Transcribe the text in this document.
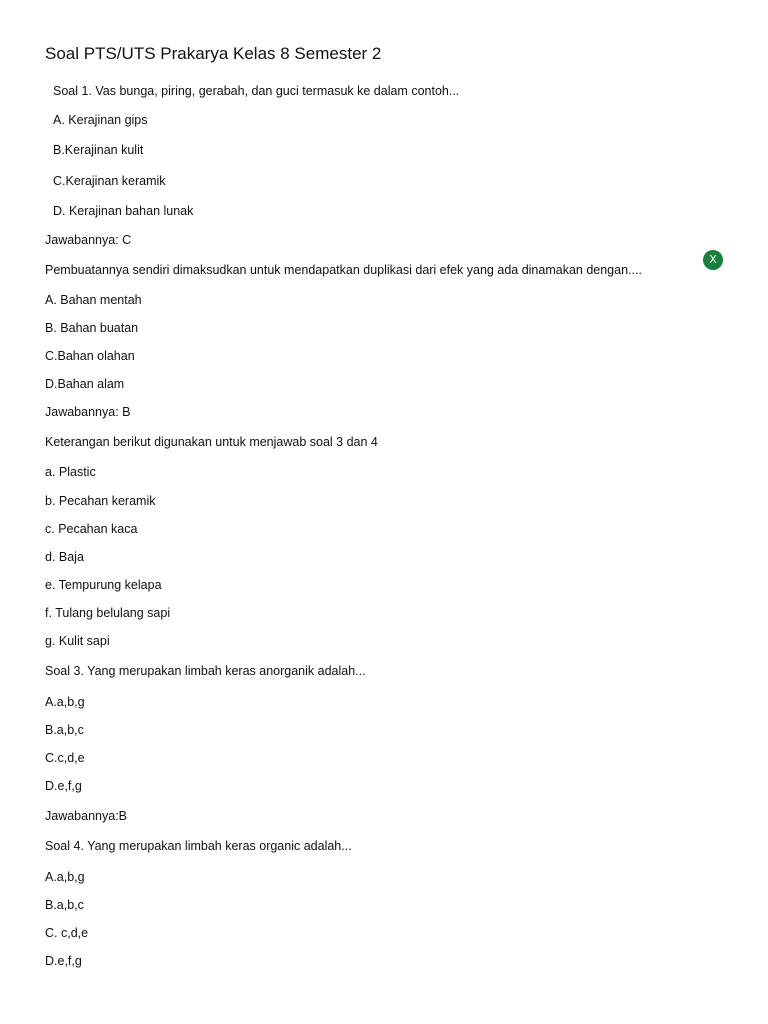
Soal PTS/UTS Prakarya Kelas 8 Semester 2

Soal 1. Vas bunga, piring, gerabah, dan guci termasuk ke dalam contoh...

A. Kerajinan gips

B.Kerajinan kulit

C.Kerajinan keramik

D. Kerajinan bahan lunak

Jawabannya: C

Pembuatannya sendiri dimaksudkan untuk mendapatkan duplikasi dari efek yang ada dinamakan dengan....

A. Bahan mentah

B. Bahan buatan

C.Bahan olahan

D.Bahan alam

Jawabannya: B

Keterangan berikut digunakan untuk menjawab soal 3 dan 4

a. Plastic

b. Pecahan keramik

c. Pecahan kaca

d. Baja

e. Tempurung kelapa

f. Tulang belulang sapi

g. Kulit sapi

Soal 3. Yang merupakan limbah keras anorganik adalah...

A.a,b,g

B.a,b,c

C.c,d,e

D.e,f,g

Jawabannya:B

Soal 4. Yang merupakan limbah keras organic adalah...

A.a,b,g

B.a,b,c

C. c,d,e

D.e,f,g

X
